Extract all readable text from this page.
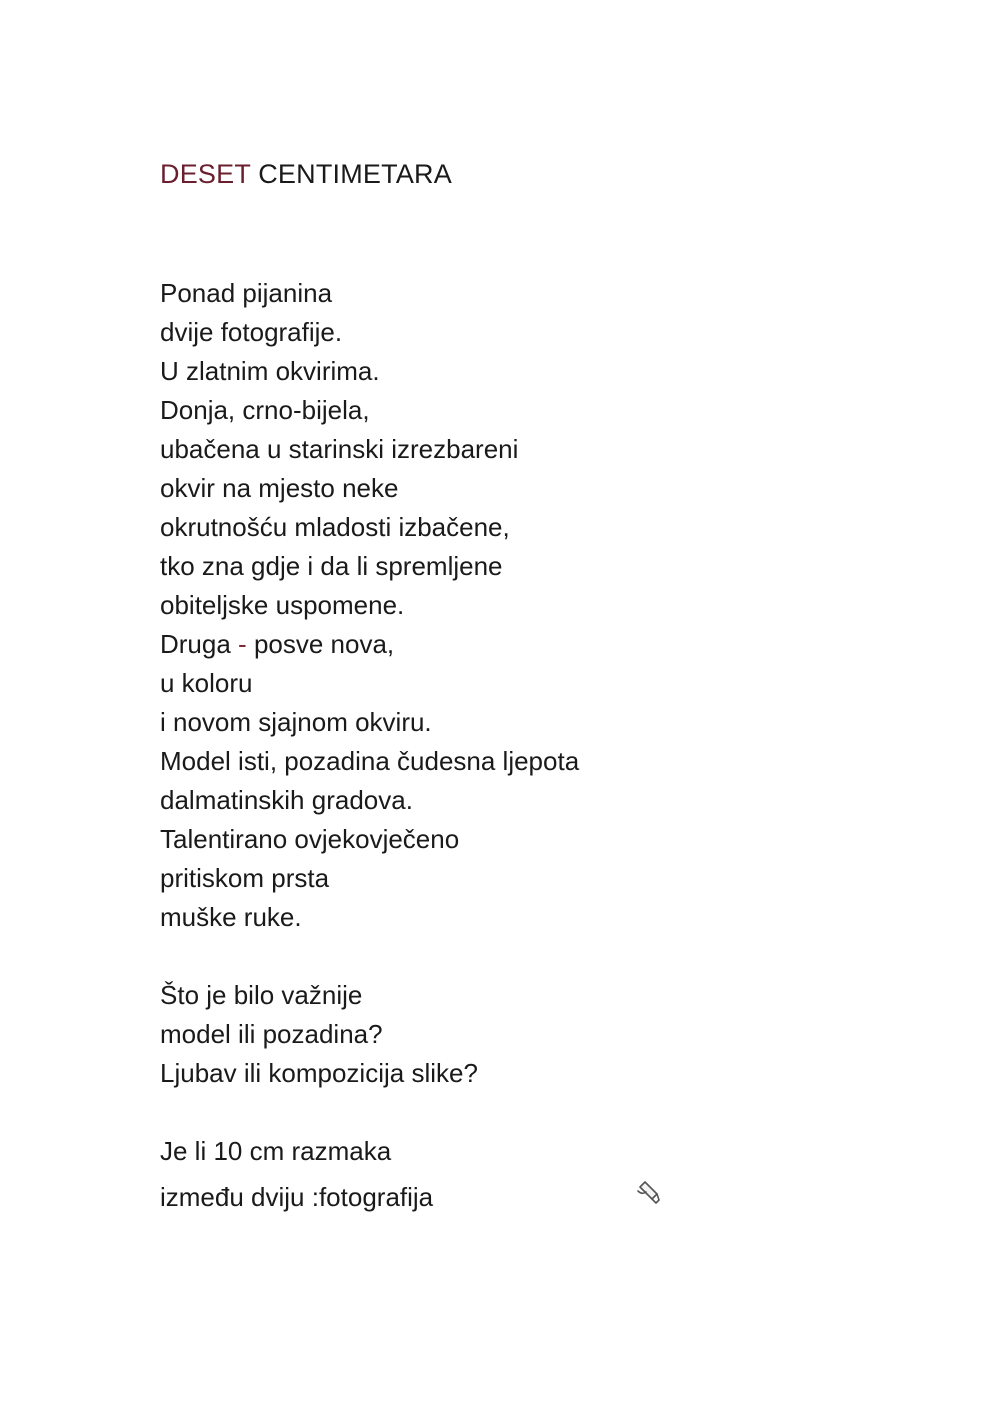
DESET CENTIMETARA
Ponad pijanina
dvije fotografije.
U zlatnim okvirima.
Donja, crno-bijela,
ubačena u starinski izrezbareni
okvir na mjesto neke
okrutnošću mladosti izbačene,
tko zna gdje i da li spremljene
obiteljske uspomene.
Druga - posve nova,
u koloru
i novom sjajnom okviru.
Model isti, pozadina čudesna ljepota
dalmatinskih gradova.
Talentirano ovjekovječeno
pritiskom prsta
muške ruke.
Što je bilo važnije
model ili pozadina?
Ljubav ili kompozicija slike?
Je li 10 cm razmaka
između dviju :fotografija
